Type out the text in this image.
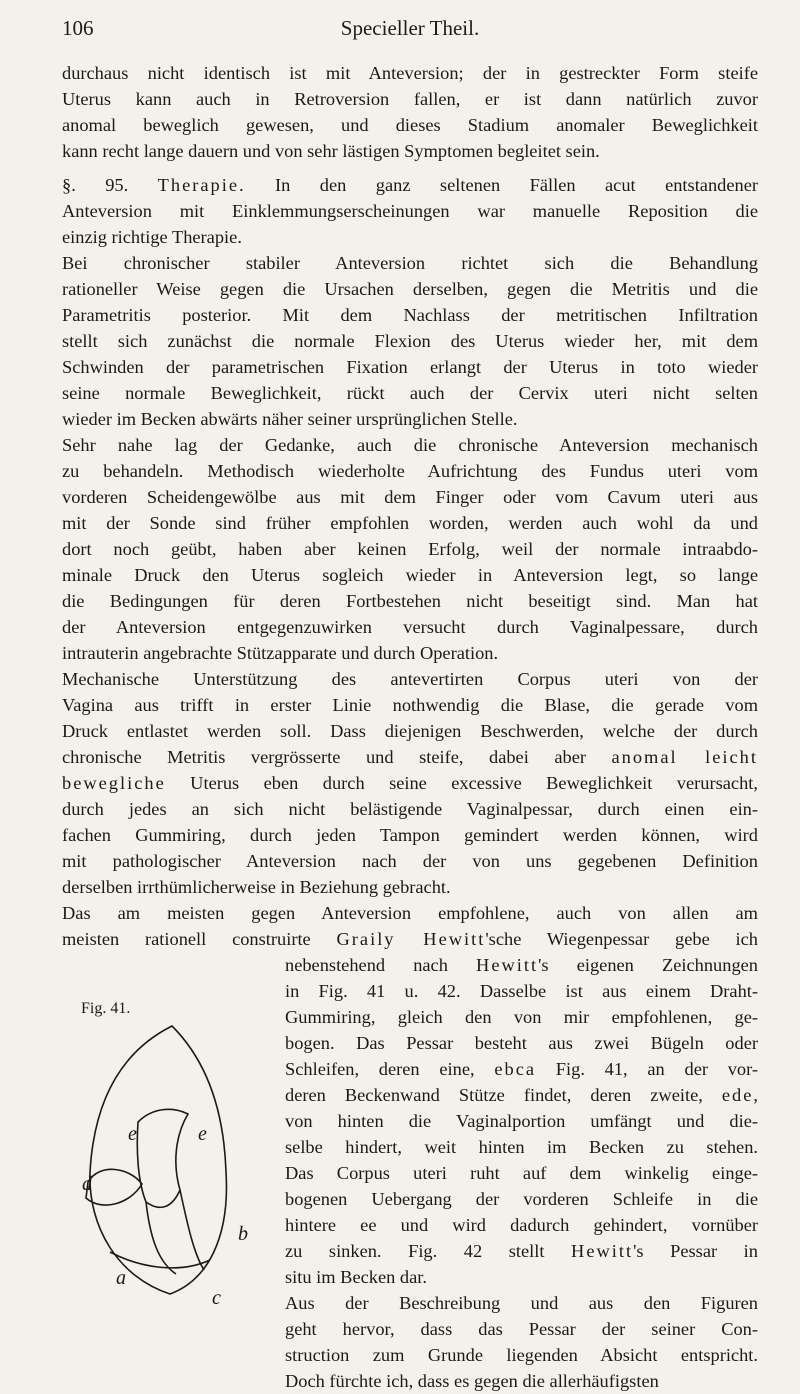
106	Specieller Theil.
durchaus nicht identisch ist mit Anteversion; der in gestreckter Form steife
Uterus kann auch in Retroversion fallen, er ist dann natürlich zuvor
anomal beweglich gewesen, und dieses Stadium anomaler Beweglichkeit
kann recht lange dauern und von sehr lästigen Symptomen begleitet sein.
§. 95. Therapie. In den ganz seltenen Fällen acut entstandener
Anteversion mit Einklemmungserscheinungen war manuelle Reposition die
einzig richtige Therapie.
Bei chronischer stabiler Anteversion richtet sich die Behandlung
rationeller Weise gegen die Ursachen derselben, gegen die Metritis und die
Parametritis posterior. Mit dem Nachlass der metritischen Infiltration
stellt sich zunächst die normale Flexion des Uterus wieder her, mit dem
Schwinden der parametrischen Fixation erlangt der Uterus in toto wieder
seine normale Beweglichkeit, rückt auch der Cervix uteri nicht selten
wieder im Becken abwärts näher seiner ursprünglichen Stelle.
Sehr nahe lag der Gedanke, auch die chronische Anteversion mechanisch
zu behandeln. Methodisch wiederholte Aufrichtung des Fundus uteri vom
vorderen Scheidengewölbe aus mit dem Finger oder vom Cavum uteri aus
mit der Sonde sind früher empfohlen worden, werden auch wohl da und
dort noch geübt, haben aber keinen Erfolg, weil der normale intraabdo-
minale Druck den Uterus sogleich wieder in Anteversion legt, so lange
die Bedingungen für deren Fortbestehen nicht beseitigt sind. Man hat
der Anteversion entgegenzuwirken versucht durch Vaginalpessare, durch
intrauterin angebrachte Stützapparate und durch Operation.
Mechanische Unterstützung des antevertirten Corpus uteri von der
Vagina aus trifft in erster Linie nothwendig die Blase, die gerade vom
Druck entlastet werden soll. Dass diejenigen Beschwerden, welche der durch
chronische Metritis vergrösserte und steife, dabei aber anomal leicht
bewegliche Uterus eben durch seine excessive Beweglichkeit verursacht,
durch jedes an sich nicht belästigende Vaginalpessar, durch einen ein-
fachen Gummiring, durch jeden Tampon gemindert werden können, wird
mit pathologischer Anteversion nach der von uns gegebenen Definition
derselben irrthümlicherweise in Beziehung gebracht.
Das am meisten gegen Anteversion empfohlene, auch von allen am
meisten rationell construirte Graily Hewitt'sche Wiegenpessar gebe ich
nebenstehend nach Hewitt's eigenen Zeichnungen
in Fig. 41 u. 42. Dasselbe ist aus einem Draht-
Gummiring, gleich den von mir empfohlenen, ge-
bogen. Das Pessar besteht aus zwei Bügeln oder
Schleifen, deren eine, ebca Fig. 41, an der vor-
deren Beckenwand Stütze findet, deren zweite, ede,
von hinten die Vaginalportion umfängt und die-
selbe hindert, weit hinten im Becken zu stehen.
Das Corpus uteri ruht auf dem winkelig einge-
bogenen Uebergang der vorderen Schleife in die
hintere ee und wird dadurch gehindert, vornüber
zu sinken. Fig. 42 stellt Hewitt's Pessar in
situ im Becken dar.
Aus der Beschreibung und aus den Figuren
geht hervor, dass das Pessar der seiner Con-
struction zum Grunde liegenden Absicht entspricht.
Doch fürchte ich, dass es gegen die allerhäufigsten
Fig. 41.
e	e
d
b
a
c
